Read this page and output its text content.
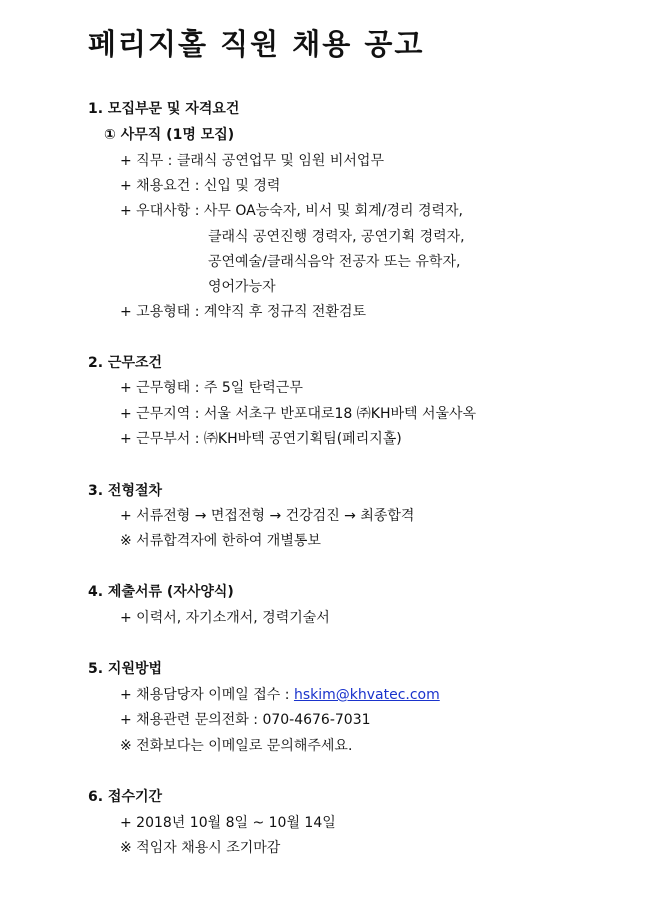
페리지홀 직원 채용 공고
1. 모집부문 및 자격요건
① 사무직 (1명 모집)
+ 직무 : 클래식 공연업무 및 임원 비서업무
+ 채용요건 : 신입 및 경력
+ 우대사항 : 사무 OA능숙자, 비서 및 회계/경리 경력자,
클래식 공연진행 경력자, 공연기획 경력자,
공연예술/클래식음악 전공자 또는 유학자,
영어가능자
+ 고용형태 : 계약직 후 정규직 전환검토
2. 근무조건
+ 근무형태 : 주 5일 탄력근무
+ 근무지역 : 서울 서초구 반포대로18 ㈜KH바텍 서울사옥
+ 근무부서 : ㈜KH바텍 공연기획팀(페리지홀)
3. 전형절차
+ 서류전형 → 면접전형 → 건강검진 → 최종합격
※ 서류합격자에 한하여 개별통보
4. 제출서류 (자사양식)
+ 이력서, 자기소개서, 경력기술서
5. 지원방법
+ 채용담당자 이메일 접수 : hskim@khvatec.com
+ 채용관련 문의전화 : 070-4676-7031
※ 전화보다는 이메일로 문의해주세요.
6. 접수기간
+ 2018년 10월 8일 ~ 10월 14일
※ 적임자 채용시 조기마감
